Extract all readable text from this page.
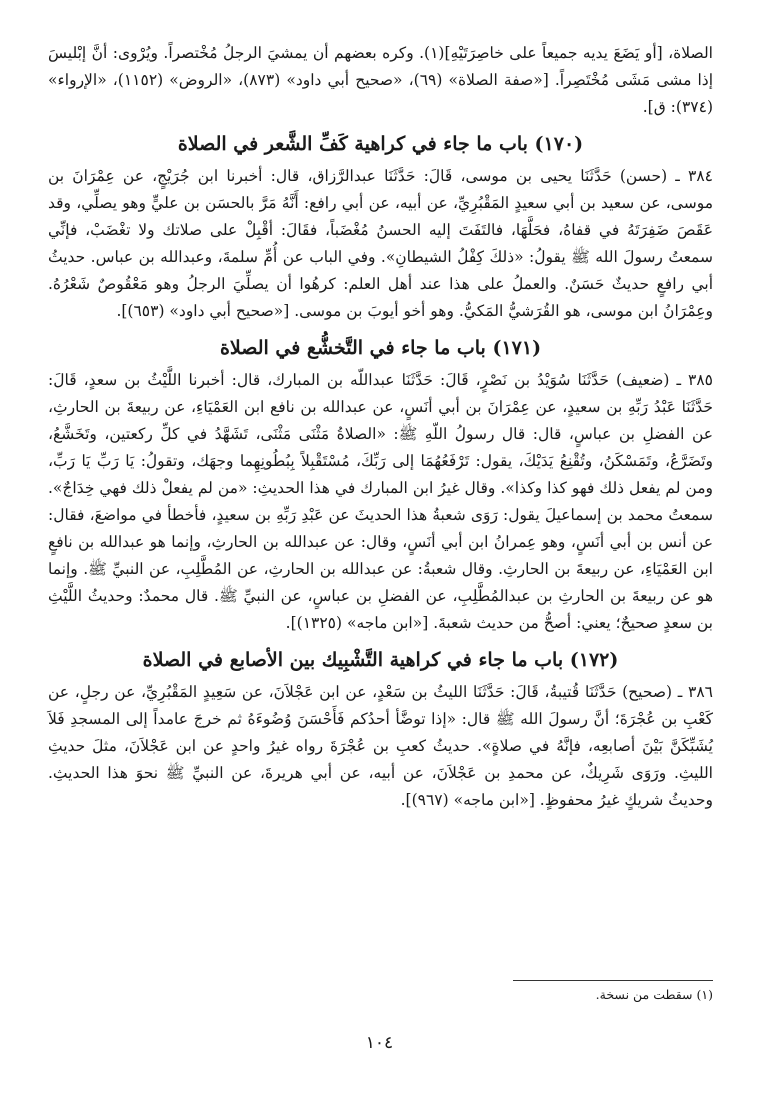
الصلاة، [أو يَضَعَ يديه جميعاً على خاصِرَتَيْهِ](١). وكره بعضهم أن يمشيَ الرجلُ مُخْتصراً. ويُرْوى: أنَّ إبْليسَ إذا مشى مَشَى مُخْتَصِراً. [«صفة الصلاة» (٦٩)، «صحيح أبي داود» (٨٧٣)، «الروض» (١١٥٢)، «الإرواء» (٣٧٤): ق].

(١٧٠) باب ما جاء في كراهية كَفِّ الشَّعر في الصلاة

٣٨٤ ـ (حسن) حَدَّثَنَا يحيى بن موسى، قَالَ: حَدَّثَنَا عبدالرَّزاق، قال: أخبرنا ابن جُرَيْجٍ، عن عِمْرَانَ بن موسى، عن سعيد بن أبي سعيدٍ المَقْبُرِيِّ، عن أبيه، عن أبي رافع: أَنَّهُ مَرَّ بالحسَن بن عليٍّ وهو يصلِّي، وقد عَقَصَ ضَفِرَتَهُ في قفاهُ، فحَلَّهَا، فالتَفَتَ إليه الحسنُ مُغْضَباً، فقَالَ: أقْبِلْ على صلاتك ولا تغْضَبْ، فإنِّي سمعتُ رسولَ الله ﷺ يقولُ: «ذلكَ كِفْلُ الشيطانِ». وفي الباب عن أُمِّ سلمةَ، وعبدالله بن عباس. حديثُ أبي رافعٍ حديثٌ حَسَنٌ. والعملُ على هذا عند أهل العلم: كرهُوا أن يصلِّيَ الرجلُ وهو مَعْقُوصٌ شَعْرُهُ. وعِمْرَانُ ابن موسى، هو القُرَشيُّ المَكيُّ. وهو أخو أيوبَ بن موسى. [«صحيح أبي داود» (٦٥٣)].

(١٧١) باب ما جاء في التَّخشُّع في الصلاة

٣٨٥ ـ (ضعيف) حَدَّثَنَا سُوَيْدُ بن نَصْرٍ، قَالَ: حَدَّثَنَا عبداللّه بن المبارك، قال: أخبرنا اللَّيْثُ بن سعدٍ، قَالَ: حَدَّثَنَا عَبْدُ رَبِّهِ بن سعيدٍ، عن عِمْرَانَ بن أبي أنَسٍ، عن عبدالله بن نافع ابن العَمْيَاءِ، عن ربيعةَ بن الحارثِ، عن الفضلِ بن عباسٍ، قال: قال رسولُ اللّهِ ﷺ: «الصلاةُ مَثْنَى مَثْنَى، تَشَهَّدُ في كلِّ ركعتين، وتَخَشَّعُ، وتَضَرَّعُ، وتَمَسْكَنُ، وتُقْنِعُ يَدَيْكَ، يقول: تَرْفَعُهُمَا إلى رَبِّكَ، مُسْتَقْبِلاً بِبُطُونِهِما وجهَك، وتقولُ: يَا رَبِّ يَا رَبِّ، ومن لم يفعل ذلك فهو كذا وكذا». وقال غيرُ ابن المبارك في هذا الحديثِ: «من لم يفعلْ ذلك فهي خِدَاجٌ». سمعتُ محمد بن إسماعيلَ يقول: رَوَى شعبةُ هذا الحديثَ عن عَبْدِ رَبِّهِ بن سعيدٍ، فأخطأ في مواضعَ، فقال: عن أنس بن أبي أنَسٍ، وهو عِمرانُ ابن أبي أنَسٍ، وقال: عن عبدالله بن الحارثِ، وإنما هو عبدالله بن نافعٍ ابن العَمْيَاءِ، عن ربيعةَ بن الحارثِ. وقال شعبةُ: عن عبدالله بن الحارثِ، عن المُطَّلِبِ، عن النبيِّ ﷺ. وإنما هو عن ربيعةَ بن الحارثِ بن عبدالمُطَّلِبِ، عن الفضلِ بن عباسٍ، عن النبيِّ ﷺ. قال محمدٌ: وحديثُ اللَّيْثِ بن سعدٍ صحيحٌ؛ يعني: أصحُّ من حديث شعبةَ. [«ابن ماجه» (١٣٢٥)].

(١٧٢) باب ما جاء في كراهية التَّشْبِيك بين الأصابع في الصلاة

٣٨٦ ـ (صحيح) حَدَّثَنَا قُتيبةُ، قَالَ: حَدَّثَنَا الليثُ بن سَعْدٍ، عن ابن عَجْلاَنَ، عن سَعِيدٍ المَقْبُرِيِّ، عن رجلٍ، عن كَعْبِ بن عُجْرَةَ؛ أنَّ رسولَ الله ﷺ قال: «إذا توضَّأ أحدُكم فَأَحْسَنَ وُضُوءَهُ ثم خرجَ عامداً إلى المسجدِ فَلاَ يُشَبِّكَنَّ بَيْنَ أصابعِه، فإنَّهُ في صلاةٍ». حديثُ كعبِ بن عُجْرَةَ رواه غيرُ واحدٍ عن ابن عَجْلاَنَ، مثلَ حديثِ الليثِ. ورَوَى شَرِيكٌ، عن محمدِ بن عَجْلاَنَ، عن أبيه، عن أبي هريرةَ، عن النبيِّ ﷺ نحوَ هذا الحديثِ. وحديثُ شريكٍ غيرُ محفوظٍ. [«ابن ماجه» (٩٦٧)].

(١) سقطت من نسخة.
١٠٤
